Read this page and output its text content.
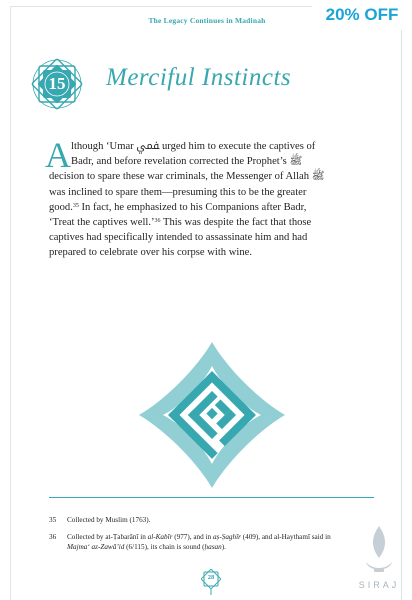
The Legacy Continues in Madinah
15	Merciful Instincts
A lthough ‘Umar ﷁ urged him to execute the captives of
Badr, and before revelation corrected the Prophet’s ﷺ
decision to spare these war criminals, the Messenger of Allah ﷺ
was inclined to spare them—presuming this to be the greater
good.$^{35}$ In fact, he emphasized to his Companions after Badr,
‘Treat the captives well.’$^{36}$ This was despite the fact that those
captives had specifically intended to assassinate him and had
prepared to celebrate over his corpse with wine.
35	Collected by Muslim (1763).
36	Collected by at-Ṭabarānī in al-Kabīr (977), and in aṣ-Ṣaghīr (409), and al-Haythamī said in
Majma‘ az-Zawā’id (6/115), its chain is sound (ḥasan).
28
20% OFF
SIRAJ
